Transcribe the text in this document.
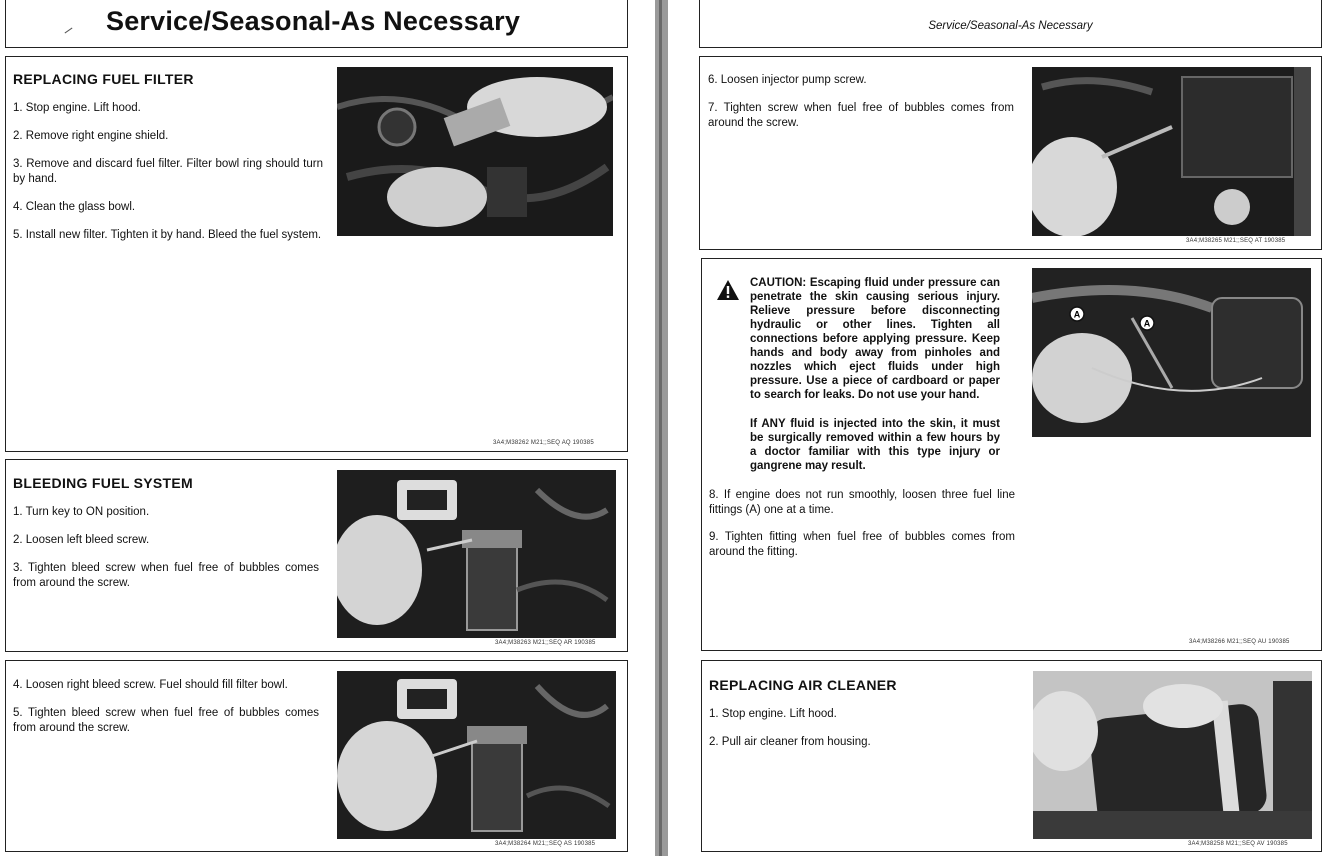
Service/Seasonal-As Necessary
REPLACING FUEL FILTER
1. Stop engine. Lift hood.
2. Remove right engine shield.
3. Remove and discard fuel filter. Filter bowl ring should turn by hand.
4. Clean the glass bowl.
5. Install new filter. Tighten it by hand. Bleed the fuel system.
3A4;M38262 M21;;SEQ AQ 190385
BLEEDING FUEL SYSTEM
1. Turn key to ON position.
2. Loosen left bleed screw.
3. Tighten bleed screw when fuel free of bubbles comes from around the screw.
3A4;M38263 M21;;SEQ AR 190385
4. Loosen right bleed screw. Fuel should fill filter bowl.
5. Tighten bleed screw when fuel free of bubbles comes from around the screw.
3A4;M38264 M21;;SEQ AS 190385
Service/Seasonal-As Necessary
6. Loosen injector pump screw.
7. Tighten screw when fuel free of bubbles comes from around the screw.
3A4;M38265 M21;;SEQ AT 190385
CAUTION: Escaping fluid under pressure can penetrate the skin causing serious injury. Relieve pressure before disconnecting hydraulic or other lines. Tighten all connections before applying pressure. Keep hands and body away from pinholes and nozzles which eject fluids under high pressure. Use a piece of cardboard or paper to search for leaks. Do not use your hand.
If ANY fluid is injected into the skin, it must be surgically removed within a few hours by a doctor familiar with this type injury or gangrene may result.
8. If engine does not run smoothly, loosen three fuel line fittings (A) one at a time.
9. Tighten fitting when fuel free of bubbles comes from around the fitting.
A
A
3A4;M38266 M21;;SEQ AU 190385
REPLACING AIR CLEANER
1. Stop engine. Lift hood.
2. Pull air cleaner from housing.
3A4;M38258 M21;;SEQ AV 190385
